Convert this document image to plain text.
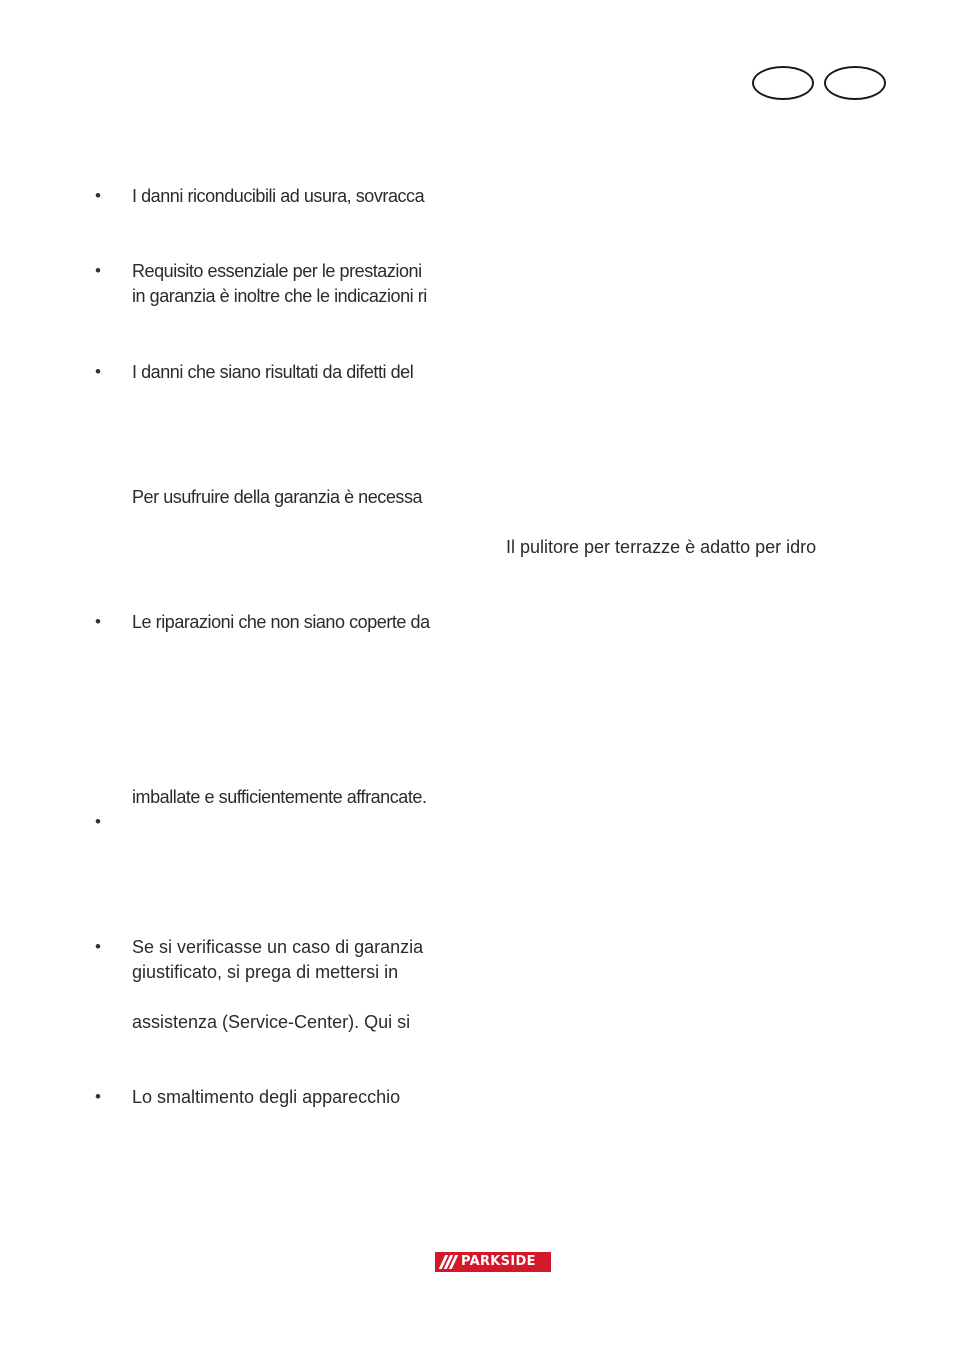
•
•
•
•
•
•
•
I danni riconducibili ad usura, sovracca
Requisito essenziale per le prestazioni
in garanzia è inoltre che le indicazioni ri
I danni che siano risultati da difetti del
Per usufruire della garanzia è necessa
Le riparazioni che non siano coperte da
imballate e sufficientemente affrancate.
Se si verificasse un caso di garanzia
giustificato, si prega di mettersi in
assistenza (Service-Center). Qui si
Lo smaltimento degli apparecchio
Il pulitore per terrazze è adatto per idro
PARKSIDE
